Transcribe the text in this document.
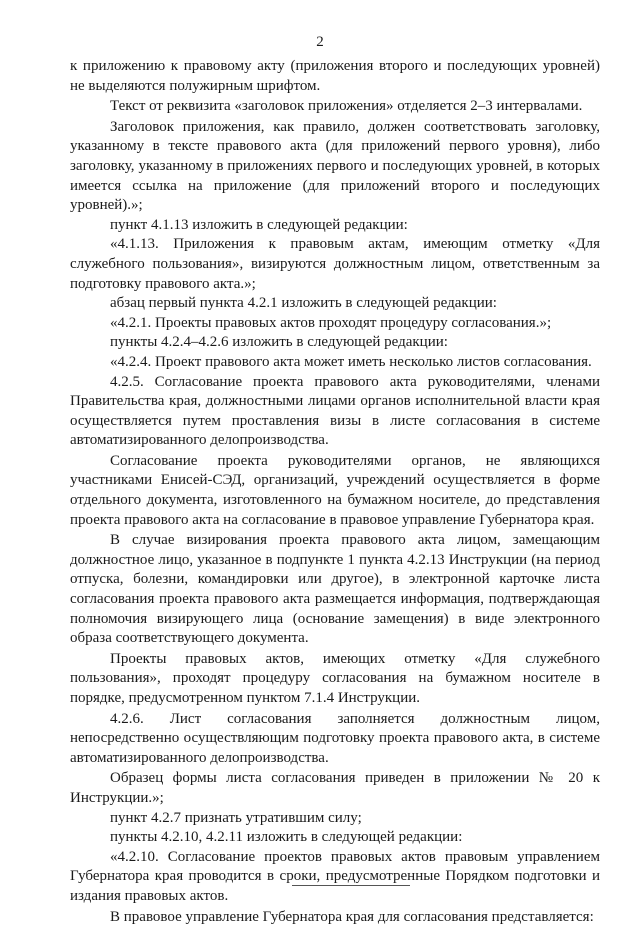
2

к приложению к правовому акту (приложения второго и последующих уровней) не выделяются полужирным шрифтом.

Текст от реквизита «заголовок приложения» отделяется 2–3 интервалами.

Заголовок приложения, как правило, должен соответствовать заголовку, указанному в тексте правового акта (для приложений первого уровня), либо заголовку, указанному в приложениях первого и последующих уровней, в которых имеется ссылка на приложение (для приложений второго и последующих уровней).»;

пункт 4.1.13 изложить в следующей редакции:

«4.1.13. Приложения к правовым актам, имеющим отметку «Для служебного пользования», визируются должностным лицом, ответственным за подготовку правового акта.»;

абзац первый пункта 4.2.1 изложить в следующей редакции:

«4.2.1. Проекты правовых актов проходят процедуру согласования.»;

пункты 4.2.4–4.2.6 изложить в следующей редакции:

«4.2.4. Проект правового акта может иметь несколько листов согласования.

4.2.5. Согласование проекта правового акта руководителями, членами Правительства края, должностными лицами органов исполнительной власти края осуществляется путем проставления визы в листе согласования в системе автоматизированного делопроизводства.

Согласование проекта руководителями органов, не являющихся участниками Енисей-СЭД, организаций, учреждений осуществляется в форме отдельного документа, изготовленного на бумажном носителе, до представления проекта правового акта на согласование в правовое управление Губернатора края.

В случае визирования проекта правового акта лицом, замещающим должностное лицо, указанное в подпункте 1 пункта 4.2.13 Инструкции (на период отпуска, болезни, командировки или другое), в электронной карточке листа согласования проекта правового акта размещается информация, подтверждающая полномочия визирующего лица (основание замещения) в виде электронного образа соответствующего документа.

Проекты правовых актов, имеющих отметку «Для служебного пользования», проходят процедуру согласования на бумажном носителе в порядке, предусмотренном пунктом 7.1.4 Инструкции.

4.2.6. Лист согласования заполняется должностным лицом, непосредственно осуществляющим подготовку проекта правового акта, в системе автоматизированного делопроизводства.

Образец формы листа согласования приведен в приложении № 20 к Инструкции.»;

пункт 4.2.7 признать утратившим силу;

пункты 4.2.10, 4.2.11 изложить в следующей редакции:

«4.2.10. Согласование проектов правовых актов правовым управлением Губернатора края проводится в сроки, предусмотренные Порядком подготовки и издания правовых актов.

В правовое управление Губернатора края для согласования представляется:
